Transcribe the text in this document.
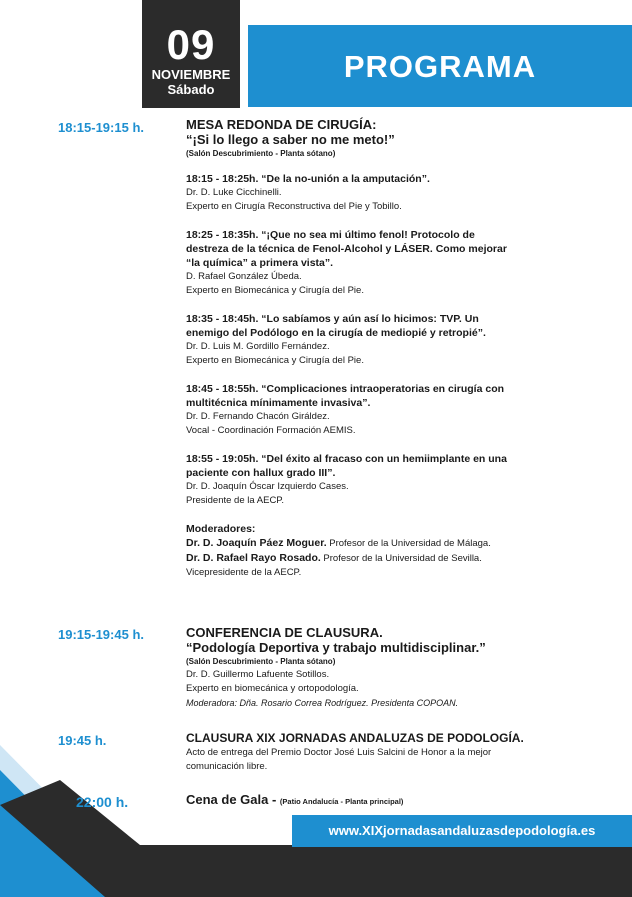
09
NOVIEMBRE
Sábado
PROGRAMA
18:15-19:15 h.	MESA REDONDA DE CIRUGÍA:
“¡Si lo llego a saber no me meto!”
(Salón Descubrimiento - Planta sótano)
18:15 - 18:25h. “De la no-unión a la amputación”.
Dr. D. Luke Cicchinelli.
Experto en Cirugía Reconstructiva del Pie y Tobillo.
18:25 - 18:35h. “¡Que no sea mi último fenol! Protocolo de
destreza de la técnica de Fenol-Alcohol y LÁSER. Como mejorar
“la química” a primera vista”.
D. Rafael González Úbeda.
Experto en Biomecánica y Cirugía del Pie.
18:35 - 18:45h. “Lo sabíamos y aún así lo hicimos: TVP. Un
enemigo del Podólogo en la cirugía de mediopié y retropié”.
Dr. D. Luis M. Gordillo Fernández.
Experto en Biomecánica y Cirugía del Pie.
18:45 - 18:55h. “Complicaciones intraoperatorias en cirugía con
multitécnica mínimamente invasiva”.
Dr. D. Fernando Chacón Giráldez.
Vocal - Coordinación Formación AEMIS.
18:55 - 19:05h. “Del éxito al fracaso con un hemiimplante en una
paciente con hallux grado III”.
Dr. D. Joaquín Óscar Izquierdo Cases.
Presidente de la AECP.
Moderadores:
Dr. D. Joaquín Páez Moguer. Profesor de la Universidad de Málaga.
Dr. D. Rafael Rayo Rosado. Profesor de la Universidad de Sevilla.
Vicepresidente de la AECP.
19:15-19:45 h.	CONFERENCIA DE CLAUSURA.
“Podología Deportiva y trabajo multidisciplinar.”
(Salón Descubrimiento - Planta sótano)
Dr. D. Guillermo Lafuente Sotillos.
Experto en biomecánica y ortopodología.
Moderadora: Dña. Rosario Correa Rodríguez. Presidenta COPOAN.
19:45 h.	CLAUSURA XIX JORNADAS ANDALUZAS DE PODOLOGÍA.
Acto de entrega del Premio Doctor José Luis Salcini de Honor a la mejor
comunicación libre.
www.XIXjornadasandaluzasdepodología.es
22:00 h.	Cena de Gala - (Patio Andalucía - Planta principal)
